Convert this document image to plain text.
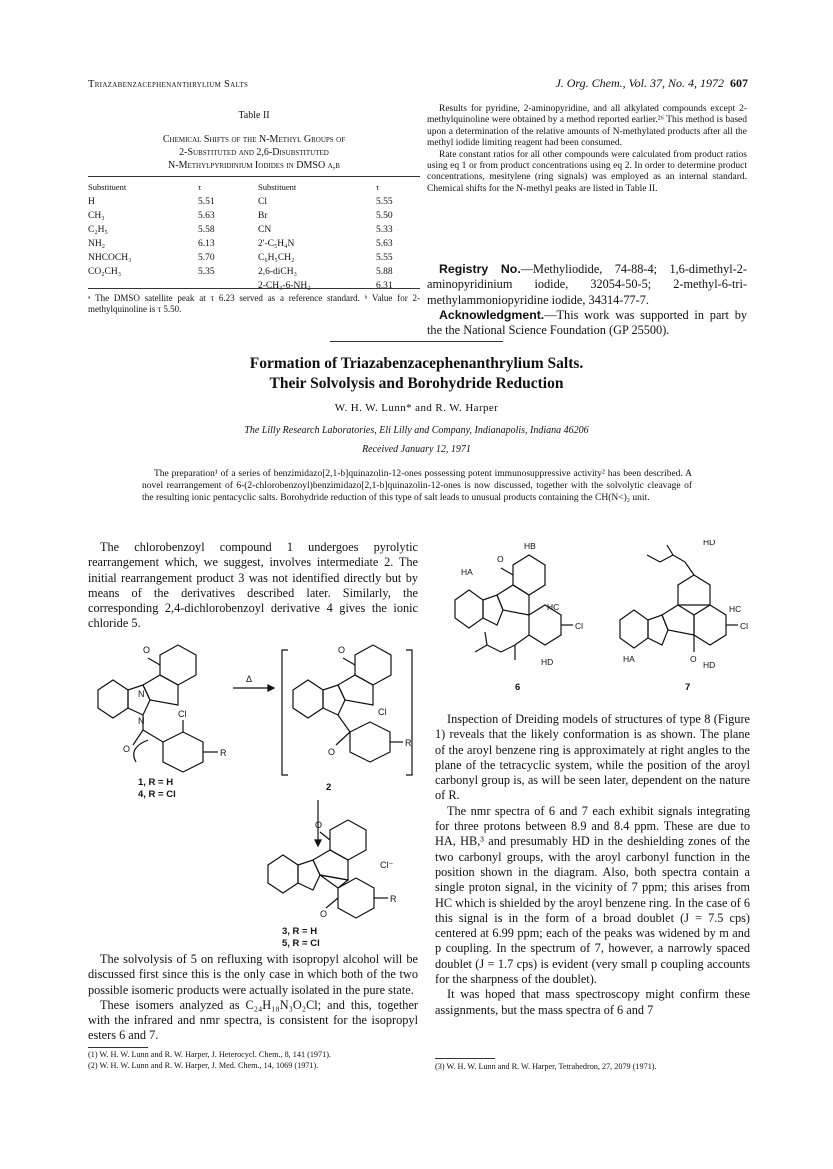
Triazabenzacephenanthrylium Salts	J. Org. Chem., Vol. 37, No. 4, 1972 607
Table II
Chemical Shifts of the N-Methyl Groups of
2-Substituted and 2,6-Disubstituted
N-Methylpyridinium Iodides in DMSO a,b
Substituent	τ	Substituent	τ
H	5.51	Cl	5.55
CH₃	5.63	Br	5.50
C₂H₅	5.58	CN	5.33
NH₂	6.13	2'-C₅H₄N	5.63
NHCOCH₃	5.70	C₆H₅CH₂	5.55
CO₂CH₃	5.35	2,6-diCH₃	5.88
		2-CH₃-6-NH₂	6.31
ᵃ The DMSO satellite peak at τ 6.23 served as a reference standard. ᵇ Value for 2-methylquinoline is τ 5.50.

Results for pyridine, 2-aminopyridine, and all alkylated compounds except 2-methylquinoline were obtained by a method reported earlier.²⁶ This method is based upon a determination of the relative amounts of N-methylated products after all the methyl iodide limiting reagent had been consumed.

Rate constant ratios for all other compounds were calculated from product ratios using eq 1 or from product concentrations using eq 2. In order to determine product concentrations, mesitylene (ring signals) was employed as an internal standard. Chemical shifts for the N-methyl peaks are listed in Table II.

Registry No.—Methyliodide, 74-88-4; 1,6-dimethyl-2-aminopyridinium iodide, 32054-50-5; 2-methyl-6-tri-methylammoniopyridine iodide, 34314-77-7.

Acknowledgment.—This work was supported in part by the the National Science Foundation (GP 25500).

Formation of Triazabenzacephenanthrylium Salts.
Their Solvolysis and Borohydride Reduction
W. H. W. Lunn* and R. W. Harper
The Lilly Research Laboratories, Eli Lilly and Company, Indianapolis, Indiana 46206
Received January 12, 1971
The preparation¹ of a series of benzimidazo[2,1-b]quinazolin-12-ones possessing potent immunosuppressive activity² has been described. A novel rearrangement of 6-(2-chlorobenzoyl)benzimidazo[2,1-b]quinazolin-12-ones is now discussed, together with the solvolytic cleavage of the resulting ionic pentacyclic salts. Borohydride reduction of this type of salt leads to unusual products containing the CH(N<)₂ unit.

The chlorobenzoyl compound 1 undergoes pyrolytic rearrangement which, we suggest, involves intermediate 2. The initial rearrangement product 3 was not identified directly but by means of the derivatives described later. Similarly, the corresponding 2,4-dichlorobenzoyl derivative 4 gives the ionic chloride 5.

O
N
N
Cl
R
O
Δ
O
Cl
R
O
O
Cl⁻
R
O
1, R = H
4, R = Cl
2
3, R = H
5, R = Cl

The solvolysis of 5 on refluxing with isopropyl alcohol will be discussed first since this is the only case in which both of the two possible isomeric products were actually isolated in the pure state.

These isomers analyzed as C₂₄H₁₈N₃O₂Cl; and this, together with the infrared and nmr spectra, is consistent for the isopropyl esters 6 and 7.

(1) W. H. W. Lunn and R. W. Harper, J. Heterocycl. Chem., 8, 141 (1971).
(2) W. H. W. Lunn and R. W. Harper, J. Med. Chem., 14, 1069 (1971).
HB
HA
O
HC
Cl
HD
HD
HC
Cl
HA
HD
O
6	7

Inspection of Dreiding models of structures of type 8 (Figure 1) reveals that the likely conformation is as shown. The plane of the aroyl benzene ring is approximately at right angles to the plane of the tetracyclic system, while the position of the aroyl carbonyl group is, as will be seen later, dependent on the nature of R.

The nmr spectra of 6 and 7 each exhibit signals integrating for three protons between 8.9 and 8.4 ppm. These are due to HA, HB,³ and presumably HD in the deshielding zones of the two carbonyl groups, with the aroyl carbonyl function in the position shown in the diagram. Also, both spectra contain a single proton signal, in the vicinity of 7 ppm; this arises from HC which is shielded by the aroyl benzene ring. In the case of 6 this signal is in the form of a broad doublet (J = 7.5 cps) centered at 6.99 ppm; each of the peaks was widened by m and p coupling. In the spectrum of 7, however, a narrowly spaced doublet (J = 1.7 cps) is evident (very small p coupling accounts for the sharpness of the doublet).

It was hoped that mass spectroscopy might confirm these assignments, but the mass spectra of 6 and 7

(3) W. H. W. Lunn and R. W. Harper, Tetrahedron, 27, 2079 (1971).
